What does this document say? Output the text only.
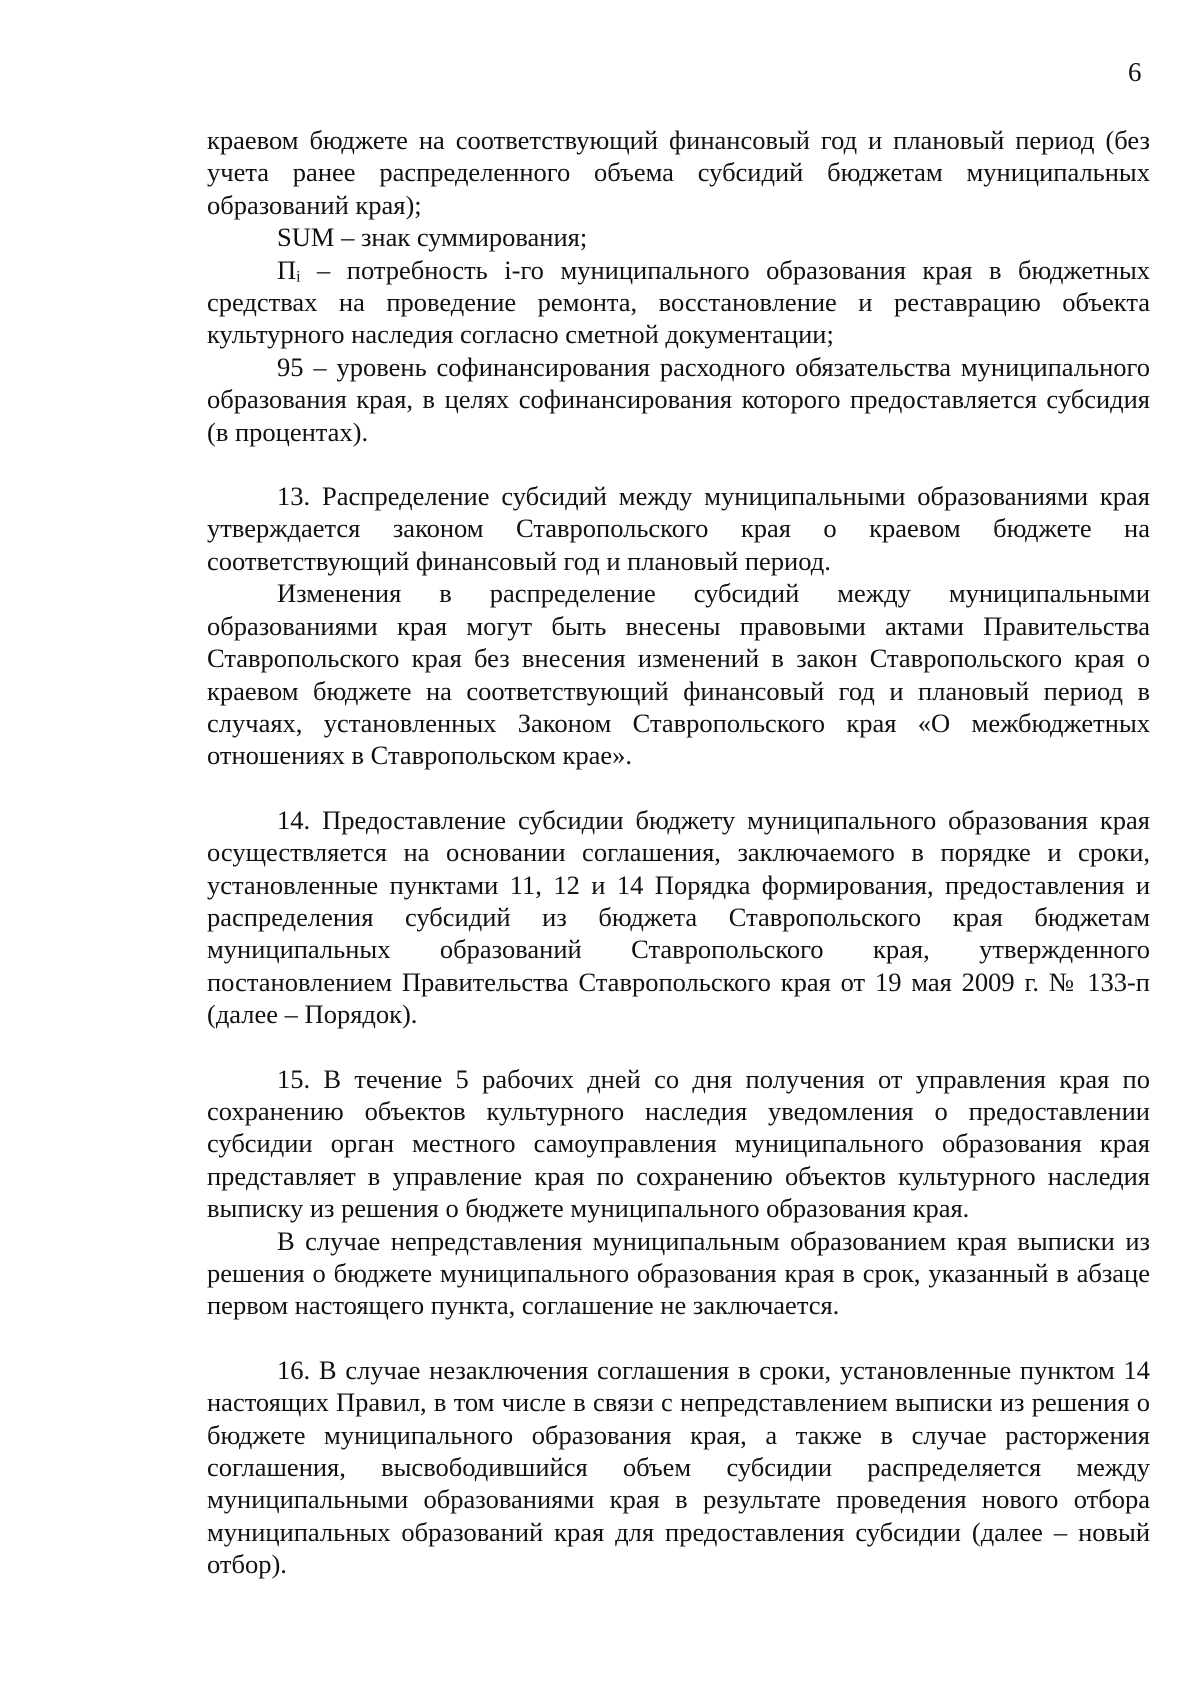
6

краевом бюджете на соответствующий финансовый год и плановый период (без учета ранее распределенного объема субсидий бюджетам муниципальных образований края);

SUM – знак суммирования;

Пᵢ – потребность i-го муниципального образования края в бюджетных средствах на проведение ремонта, восстановление и реставрацию объекта культурного наследия согласно сметной документации;

95 – уровень софинансирования расходного обязательства муниципального образования края, в целях софинансирования которого предоставляется субсидия (в процентах).

13. Распределение субсидий между муниципальными образованиями края утверждается законом Ставропольского края о краевом бюджете на соответствующий финансовый год и плановый период.

Изменения в распределение субсидий между муниципальными образованиями края могут быть внесены правовыми актами Правительства Ставропольского края без внесения изменений в закон Ставропольского края о краевом бюджете на соответствующий финансовый год и плановый период в случаях, установленных Законом Ставропольского края «О межбюджетных отношениях в Ставропольском крае».

14. Предоставление субсидии бюджету муниципального образования края осуществляется на основании соглашения, заключаемого в порядке и сроки, установленные пунктами 11, 12 и 14 Порядка формирования, предоставления и распределения субсидий из бюджета Ставропольского края бюджетам муниципальных образований Ставропольского края, утвержденного постановлением Правительства Ставропольского края от 19 мая 2009 г. № 133-п (далее – Порядок).

15. В течение 5 рабочих дней со дня получения от управления края по сохранению объектов культурного наследия уведомления о предоставлении субсидии орган местного самоуправления муниципального образования края представляет в управление края по сохранению объектов культурного наследия выписку из решения о бюджете муниципального образования края.

В случае непредставления муниципальным образованием края выписки из решения о бюджете муниципального образования края в срок, указанный в абзаце первом настоящего пункта, соглашение не заключается.

16. В случае незаключения соглашения в сроки, установленные пунктом 14 настоящих Правил, в том числе в связи с непредставлением выписки из решения о бюджете муниципального образования края, а также в случае расторжения соглашения, высвободившийся объем субсидии распределяется между муниципальными образованиями края в результате проведения нового отбора муниципальных образований края для предоставления субсидии (далее – новый отбор).
